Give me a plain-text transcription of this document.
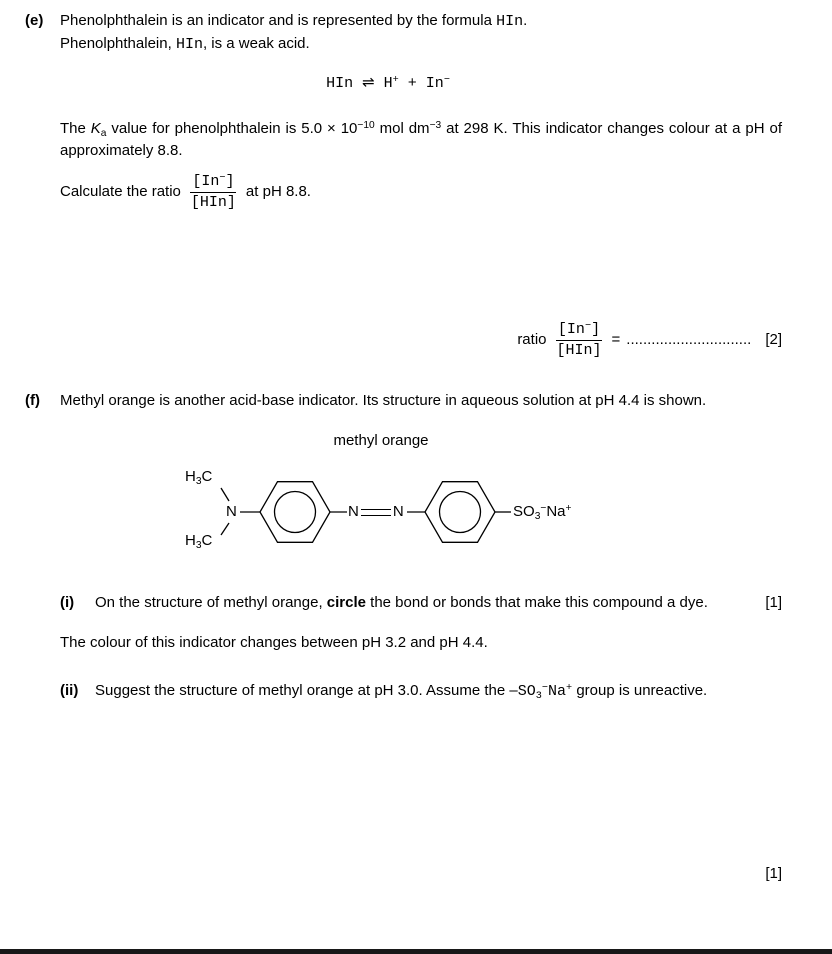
(e)	Phenolphthalein is an indicator and is represented by the formula HIn.

Phenolphthalein, HIn, is a weak acid.

HIn ⇌ H+ + In−

The $K_a$ value for phenolphthalein is $5.0 \times 10^{-10}$ mol $dm^{-3}$ at 298 K. This indicator changes colour at a pH of approximately 8.8.

Calculate the ratio $\frac{[In^-]}{\text{[HIn]}}$ at pH 8.8.
ratio $\frac{[In^-]}{\text{[HIn]}}$ = .............................. [2]
(f)	Methyl orange is another acid-base indicator. Its structure in aqueous solution at pH 4.4 is shown.

methyl orange
$H_3C$
$H_3C$
N	N N	$SO_3^-Na^+$
(i)	On the structure of methyl orange, circle the bond or bonds that make this compound a dye.	[1]

The colour of this indicator changes between pH 3.2 and pH 4.4.

(ii)	Suggest the structure of methyl orange at pH 3.0. Assume the $-SO_3^-Na^+$ group is unreactive.

[1]
